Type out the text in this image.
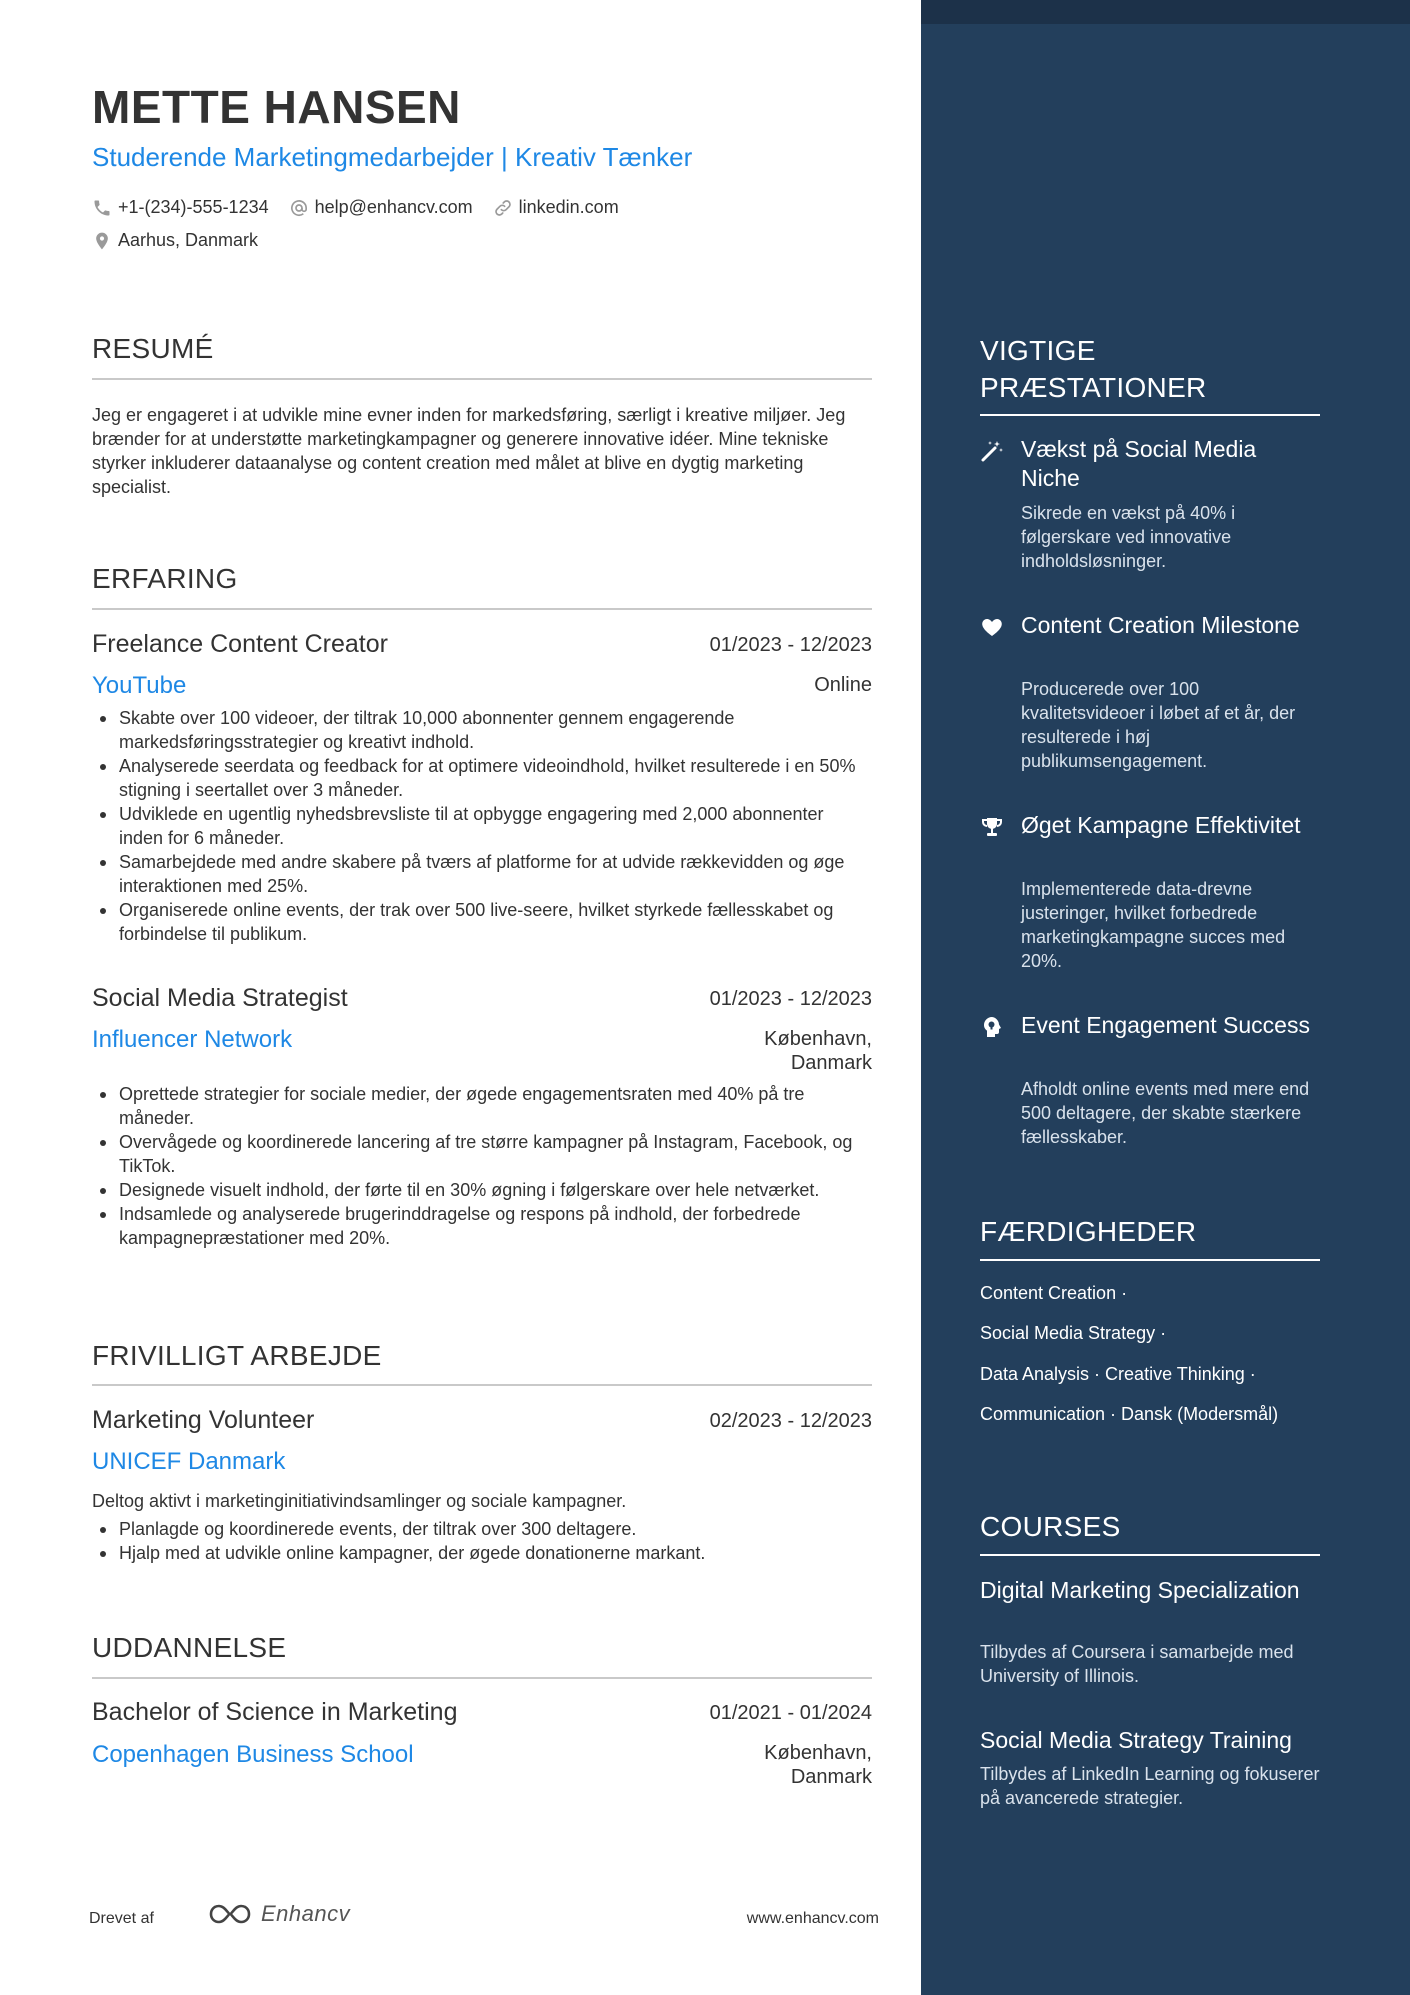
METTE HANSEN
Studerende Marketingmedarbejder | Kreativ Tænker
+1-(234)-555-1234	help@enhancv.com	linkedin.com
Aarhus, Danmark
RESUMÉ
Jeg er engageret i at udvikle mine evner inden for markedsføring, særligt i kreative miljøer. Jeg brænder for at understøtte marketingkampagner og generere innovative idéer. Mine tekniske styrker inkluderer dataanalyse og content creation med målet at blive en dygtig marketing specialist.
ERFARING
Freelance Content Creator	01/2023 - 12/2023
YouTube	Online
Skabte over 100 videoer, der tiltrak 10,000 abonnenter gennem engagerende markedsføringsstrategier og kreativt indhold.
Analyserede seerdata og feedback for at optimere videoindhold, hvilket resulterede i en 50% stigning i seertallet over 3 måneder.
Udviklede en ugentlig nyhedsbrevsliste til at opbygge engagering med 2,000 abonnenter inden for 6 måneder.
Samarbejdede med andre skabere på tværs af platforme for at udvide rækkevidden og øge interaktionen med 25%.
Organiserede online events, der trak over 500 live-seere, hvilket styrkede fællesskabet og forbindelse til publikum.
Social Media Strategist	01/2023 - 12/2023
Influencer Network	København,
Danmark
Oprettede strategier for sociale medier, der øgede engagementsraten med 40% på tre måneder.
Overvågede og koordinerede lancering af tre større kampagner på Instagram, Facebook, og TikTok.
Designede visuelt indhold, der førte til en 30% øgning i følgerskare over hele netværket.
Indsamlede og analyserede brugerinddragelse og respons på indhold, der forbedrede kampagnepræstationer med 20%.
FRIVILLIGT ARBEJDE
Marketing Volunteer	02/2023 - 12/2023
UNICEF Danmark
Deltog aktivt i marketinginitiativindsamlinger og sociale kampagner.
Planlagde og koordinerede events, der tiltrak over 300 deltagere.
Hjalp med at udvikle online kampagner, der øgede donationerne markant.
UDDANNELSE
Bachelor of Science in Marketing	01/2021 - 01/2024
Copenhagen Business School	København,
Danmark
Drevet af	Enhancv	www.enhancv.com
VIGTIGE
PRÆSTATIONER
Vækst på Social Media Niche
Sikrede en vækst på 40% i følgerskare ved innovative indholdsløsninger.
Content Creation Milestone
Producerede over 100 kvalitetsvideoer i løbet af et år, der resulterede i høj publikumsengagement.
Øget Kampagne Effektivitet
Implementerede data-drevne justeringer, hvilket forbedrede marketingkampagne succes med 20%.
Event Engagement Success
Afholdt online events med mere end 500 deltagere, der skabte stærkere fællesskaber.
FÆRDIGHEDER
Content Creation ·
Social Media Strategy ·
Data Analysis · Creative Thinking ·
Communication · Dansk (Modersmål)
COURSES
Digital Marketing Specialization
Tilbydes af Coursera i samarbejde med University of Illinois.
Social Media Strategy Training
Tilbydes af LinkedIn Learning og fokuserer på avancerede strategier.
